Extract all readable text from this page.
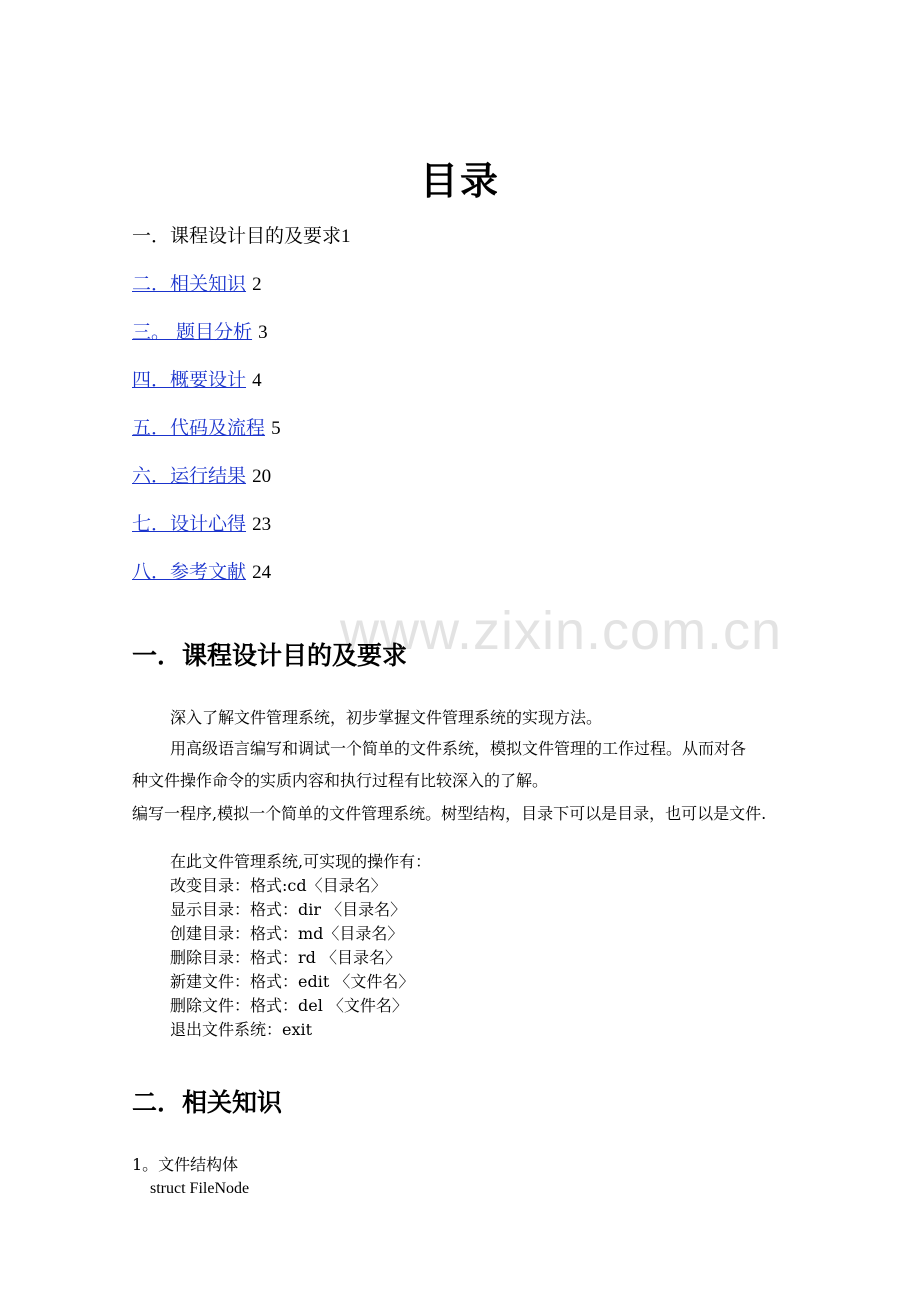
目录
一．课程设计目的及要求1
二．相关知识 2
三。 题目分析 3
四．概要设计 4
五．代码及流程 5
六．运行结果 20
七．设计心得 23
八．参考文献 24
www.zixin.com.cn
一．课程设计目的及要求
深入了解文件管理系统，初步掌握文件管理系统的实现方法。
用高级语言编写和调试一个简单的文件系统，模拟文件管理的工作过程。从而对各
种文件操作命令的实质内容和执行过程有比较深入的了解。
编写一程序,模拟一个简单的文件管理系统。树型结构，目录下可以是目录，也可以是文件.
在此文件管理系统,可实现的操作有：
改变目录：格式:cd〈目录名〉
显示目录：格式：dir 〈目录名〉
创建目录：格式：md〈目录名〉
删除目录：格式：rd 〈目录名〉
新建文件：格式：edit 〈文件名〉
删除文件：格式：del 〈文件名〉
退出文件系统：exit
二．相关知识
1。文件结构体
struct FileNode
